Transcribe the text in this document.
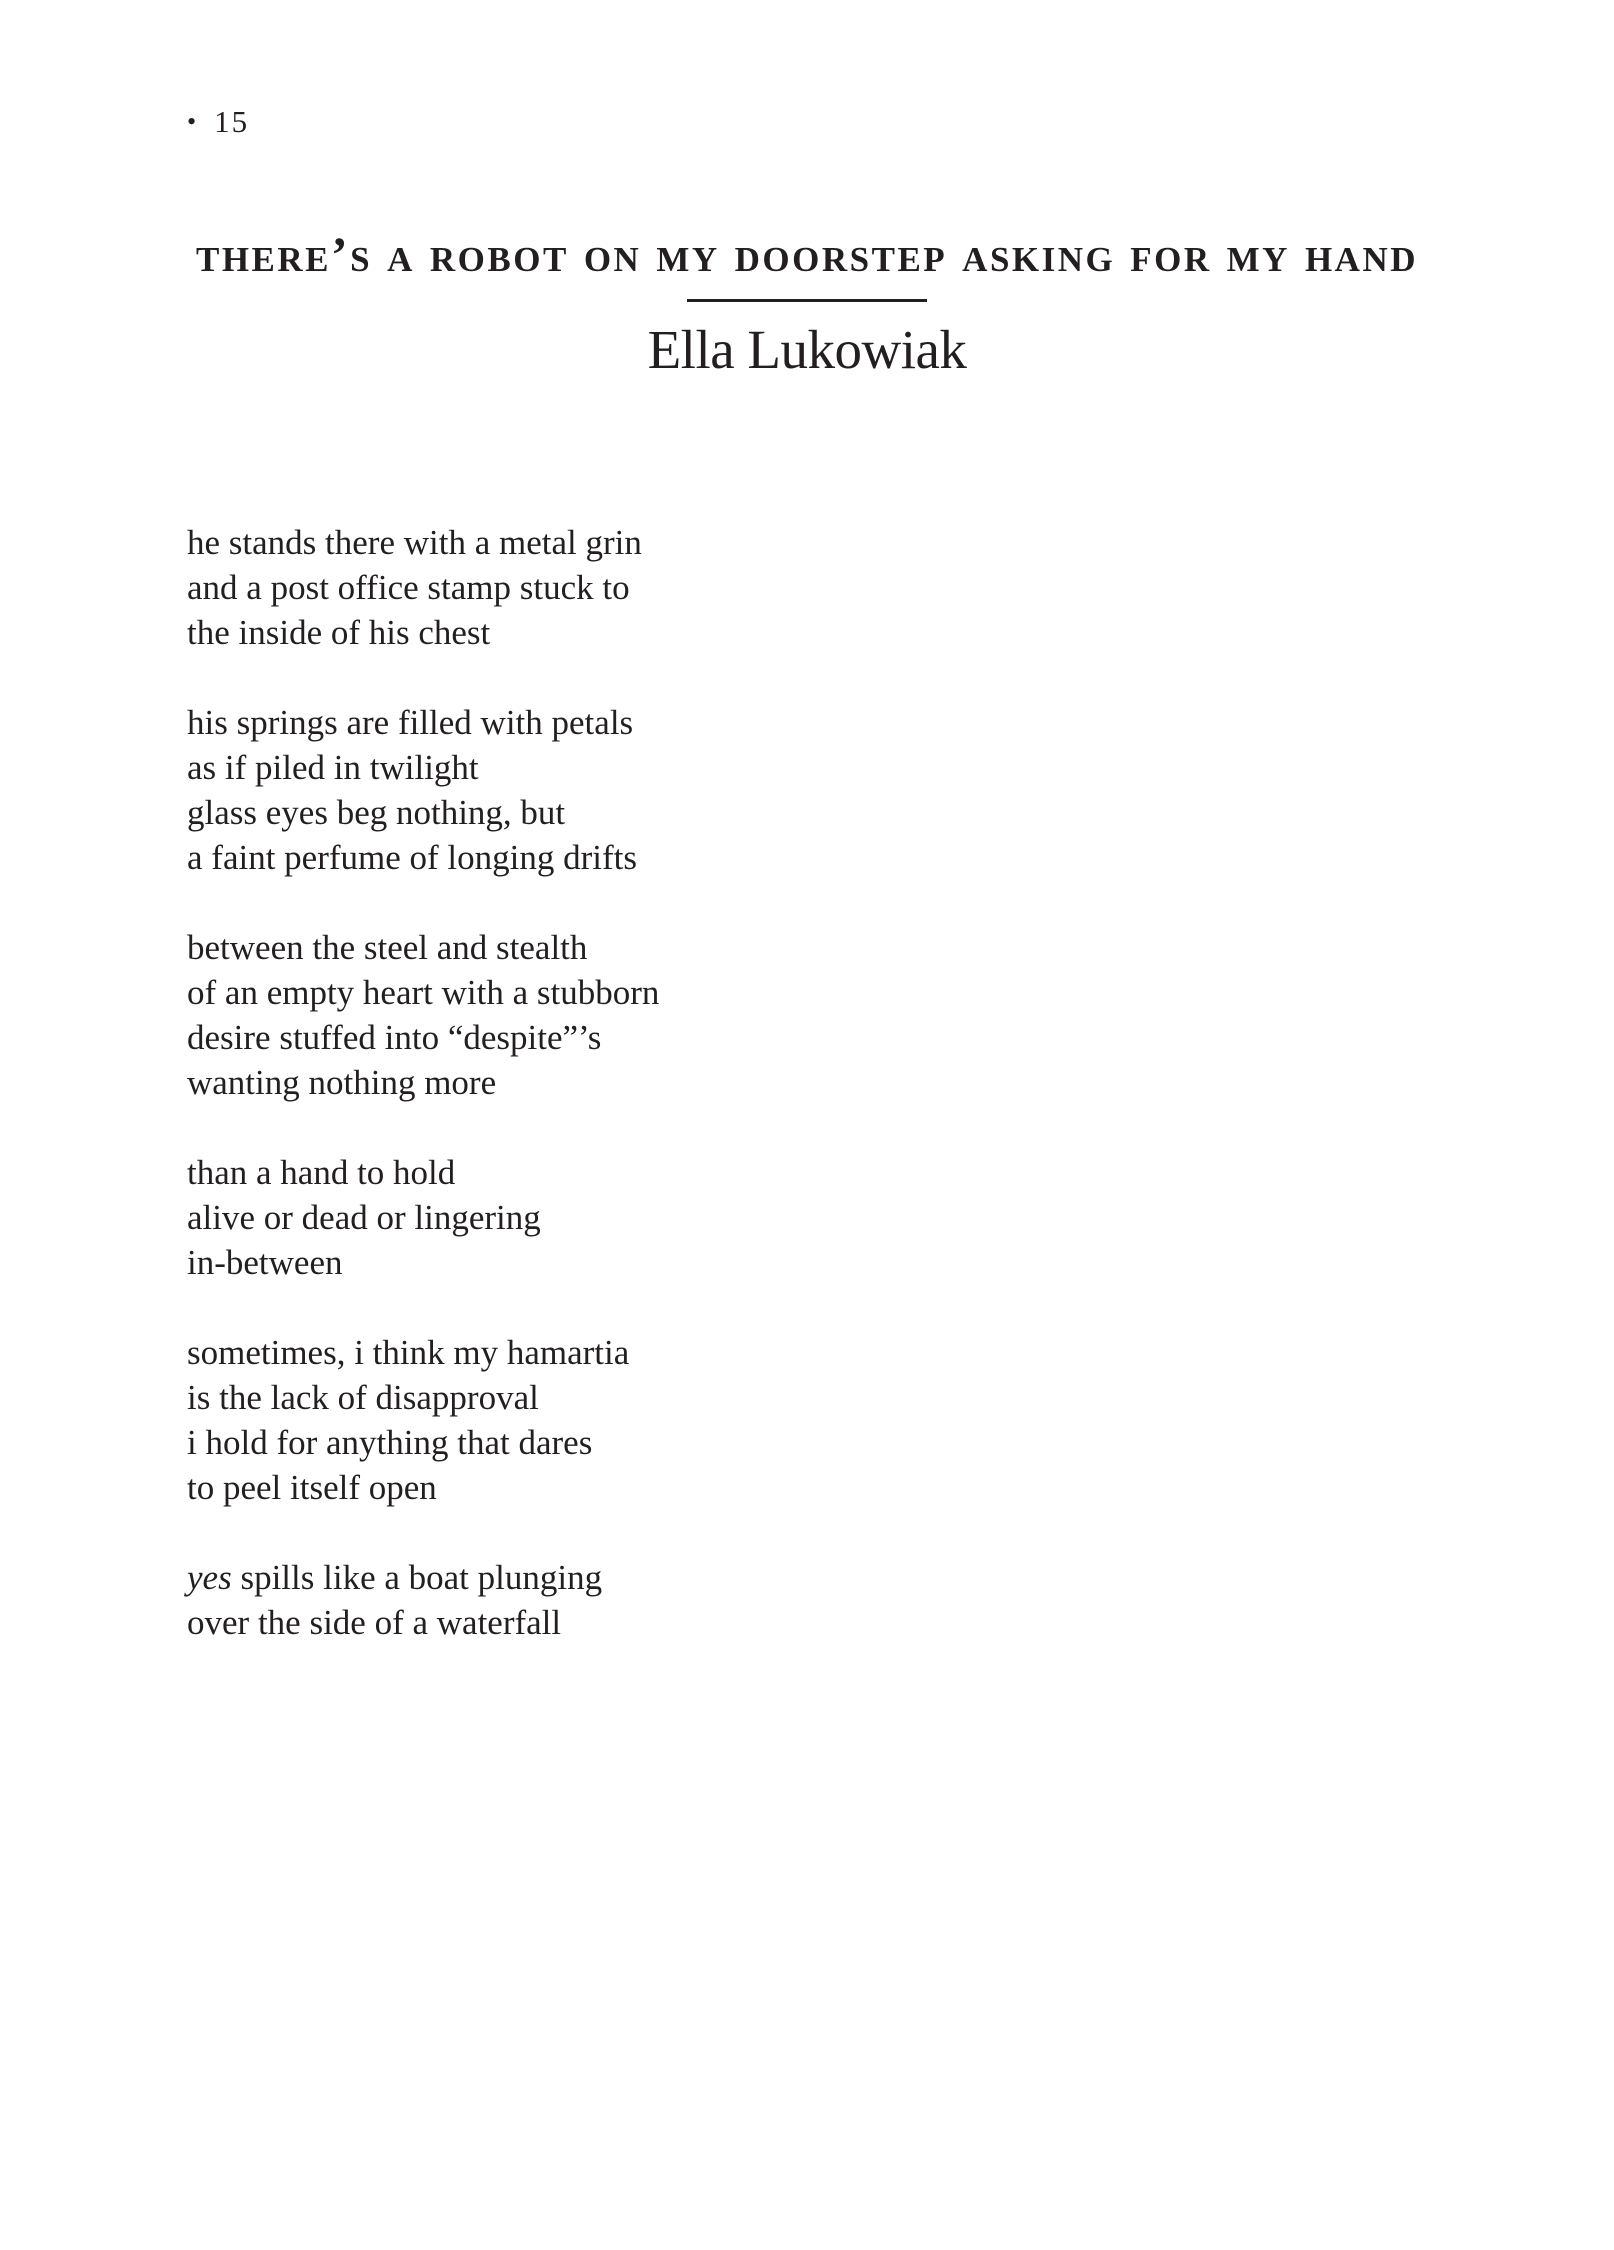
• 15
there’s a robot on my doorstep asking for my hand
Ella Lukowiak
he stands there with a metal grin
and a post office stamp stuck to
the inside of his chest
his springs are filled with petals
as if piled in twilight
glass eyes beg nothing, but
a faint perfume of longing drifts
between the steel and stealth
of an empty heart with a stubborn
desire stuffed into “despite”’s
wanting nothing more
than a hand to hold
alive or dead or lingering
in-between
sometimes, i think my hamartia
is the lack of disapproval
i hold for anything that dares
to peel itself open
yes spills like a boat plunging
over the side of a waterfall
